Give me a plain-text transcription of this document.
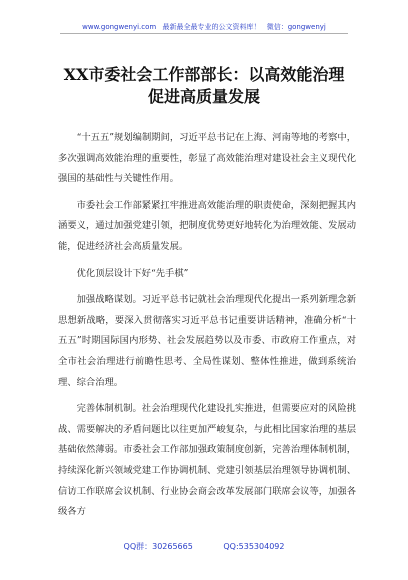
www.gongwenyi.com 最新最全最专业的公文资料库！ 微信：gongwenyj
XX市委社会工作部部长：以高效能治理
促进高质量发展

“十五五”规划编制期间，习近平总书记在上海、河南等地的考察中，多次强调高效能治理的重要性，彰显了高效能治理对建设社会主义现代化强国的基础性与关键性作用。

市委社会工作部紧紧扛牢推进高效能治理的职责使命，深刻把握其内涵要义，通过加强党建引领，把制度优势更好地转化为治理效能、发展动能，促进经济社会高质量发展。

优化顶层设计下好“先手棋”

加强战略谋划。习近平总书记就社会治理现代化提出一系列新理念新思想新战略，要深入贯彻落实习近平总书记重要讲话精神，准确分析“十五五”时期国际国内形势、社会发展趋势以及市委、市政府工作重点，对全市社会治理进行前瞻性思考、全局性谋划、整体性推进，做到系统治理、综合治理。

完善体制机制。社会治理现代化建设扎实推进，但需要应对的风险挑战、需要解决的矛盾问题比以往更加严峻复杂，与此相比国家治理的基层基础依然薄弱。市委社会工作部加强政策制度创新，完善治理体制机制，持续深化新兴领域党建工作协调机制、党建引领基层治理领导协调机制、信访工作联席会议机制、行业协会商会改革发展部门联席会议等，加强各级各方

QQ群：30265665	QQ:535304092
